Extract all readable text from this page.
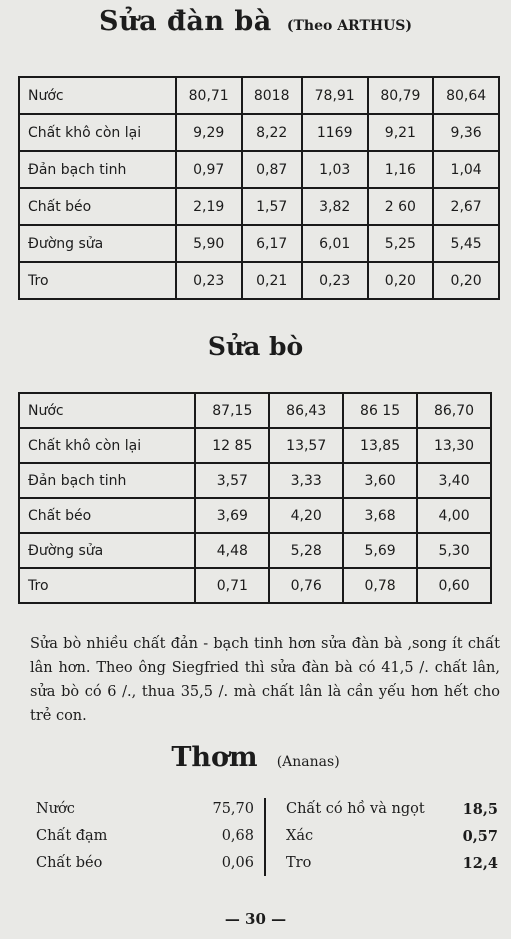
Sửa đàn bà (Theo ARTHUS)
Nước	80,71	8018	78,91	80,79	80,64
Chất khô còn lại	9,29	8,22	1169	9,21	9,36
Đản bạch tinh	0,97	0,87	1,03	1,16	1,04
Chất béo	2,19	1,57	3,82	2 60	2,67
Đường sửa	5,90	6,17	6,01	5,25	5,45
Tro	0,23	0,21	0,23	0,20	0,20
Sửa bò
Nước	87,15	86,43	86 15	86,70
Chất khô còn lại	12 85	13,57	13,85	13,30
Đản bạch tinh	3,57	3,33	3,60	3,40
Chất béo	3,69	4,20	3,68	4,00
Đường sửa	4,48	5,28	5,69	5,30
Tro	0,71	0,76	0,78	0,60
Sửa bò nhiều chất đản - bạch tinh hơn sửa đàn bà ,song ít chất lân hơn. Theo ông Siegfried thì sửa đàn bà có 41,5 /. chất lân, sửa bò có 6 /., thua 35,5 /. mà chất lân là cần yếu hơn hết cho trẻ con.
Thơm (Ananas)
Nước	75,70
Chất đạm	0,68
Chất béo	0,06
Chất có hồ và ngọt	18,5
Xác	0,57
Tro	12,4
— 30 —
